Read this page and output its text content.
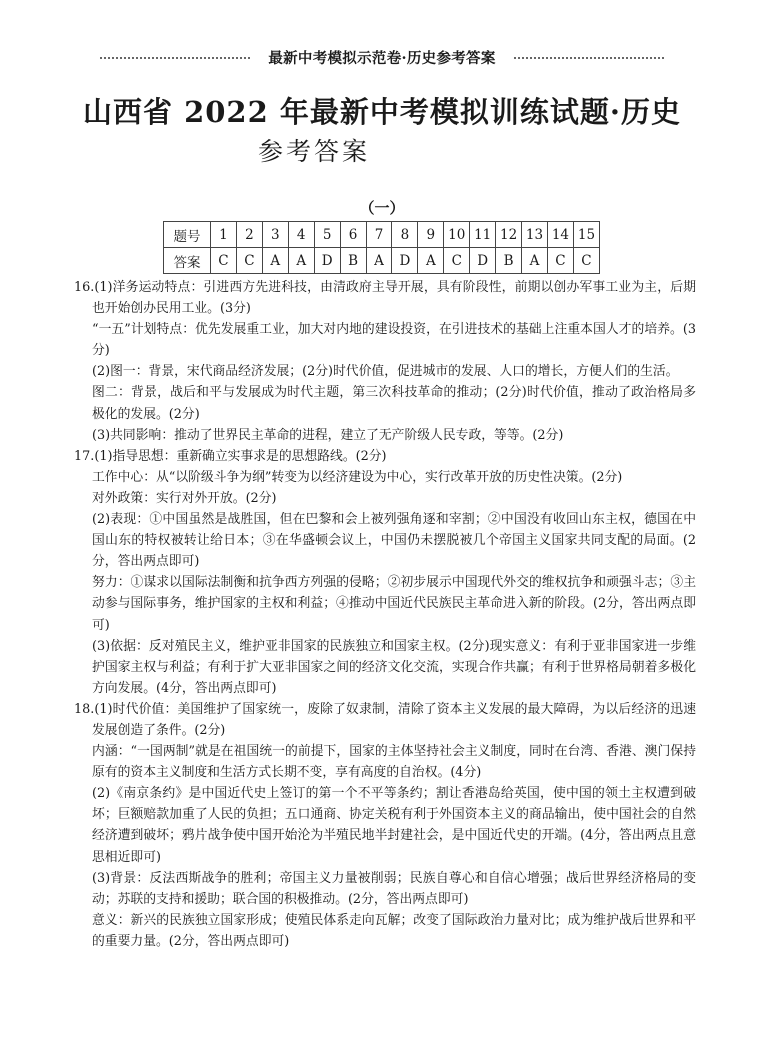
最新中考模拟示范卷·历史参考答案
山西省 2022 年最新中考模拟训练试题·历史
参考答案
（一）
题号	1	2	3	4	5	6	7	8	9	10	11	12	13	14	15
答案	C	C	A	A	D	B	A	D	A	C	D	B	A	C	C

16.(1)洋务运动特点：引进西方先进科技，由清政府主导开展，具有阶段性，前期以创办军事工业为主，后期也开始创办民用工业。(3分)

“一五”计划特点：优先发展重工业，加大对内地的建设投资，在引进技术的基础上注重本国人才的培养。(3分)

(2)图一：背景，宋代商品经济发展；(2分)时代价值，促进城市的发展、人口的增长，方便人们的生活。

图二：背景，战后和平与发展成为时代主题，第三次科技革命的推动；(2分)时代价值，推动了政治格局多极化的发展。(2分)

(3)共同影响：推动了世界民主革命的进程，建立了无产阶级人民专政，等等。(2分)

17.(1)指导思想：重新确立实事求是的思想路线。(2分)

工作中心：从“以阶级斗争为纲”转变为以经济建设为中心，实行改革开放的历史性决策。(2分)

对外政策：实行对外开放。(2分)

(2)表现：①中国虽然是战胜国，但在巴黎和会上被列强角逐和宰割；②中国没有收回山东主权，德国在中国山东的特权被转让给日本；③在华盛顿会议上，中国仍未摆脱被几个帝国主义国家共同支配的局面。(2分，答出两点即可)

努力：①谋求以国际法制衡和抗争西方列强的侵略；②初步展示中国现代外交的维权抗争和顽强斗志；③主动参与国际事务，维护国家的主权和利益；④推动中国近代民族民主革命进入新的阶段。(2分，答出两点即可)

(3)依据：反对殖民主义，维护亚非国家的民族独立和国家主权。(2分)现实意义：有利于亚非国家进一步维护国家主权与利益；有利于扩大亚非国家之间的经济文化交流，实现合作共赢；有利于世界格局朝着多极化方向发展。(4分，答出两点即可)

18.(1)时代价值：美国维护了国家统一，废除了奴隶制，清除了资本主义发展的最大障碍，为以后经济的迅速发展创造了条件。(2分)

内涵：“一国两制”就是在祖国统一的前提下，国家的主体坚持社会主义制度，同时在台湾、香港、澳门保持原有的资本主义制度和生活方式长期不变，享有高度的自治权。(4分)

(2)《南京条约》是中国近代史上签订的第一个不平等条约；割让香港岛给英国，使中国的领土主权遭到破坏；巨额赔款加重了人民的负担；五口通商、协定关税有利于外国资本主义的商品输出，使中国社会的自然经济遭到破坏；鸦片战争使中国开始沦为半殖民地半封建社会，是中国近代史的开端。(4分，答出两点且意思相近即可)

(3)背景：反法西斯战争的胜利；帝国主义力量被削弱；民族自尊心和自信心增强；战后世界经济格局的变动；苏联的支持和援助；联合国的积极推动。(2分，答出两点即可)

意义：新兴的民族独立国家形成；使殖民体系走向瓦解；改变了国际政治力量对比；成为维护战后世界和平的重要力量。(2分，答出两点即可)
